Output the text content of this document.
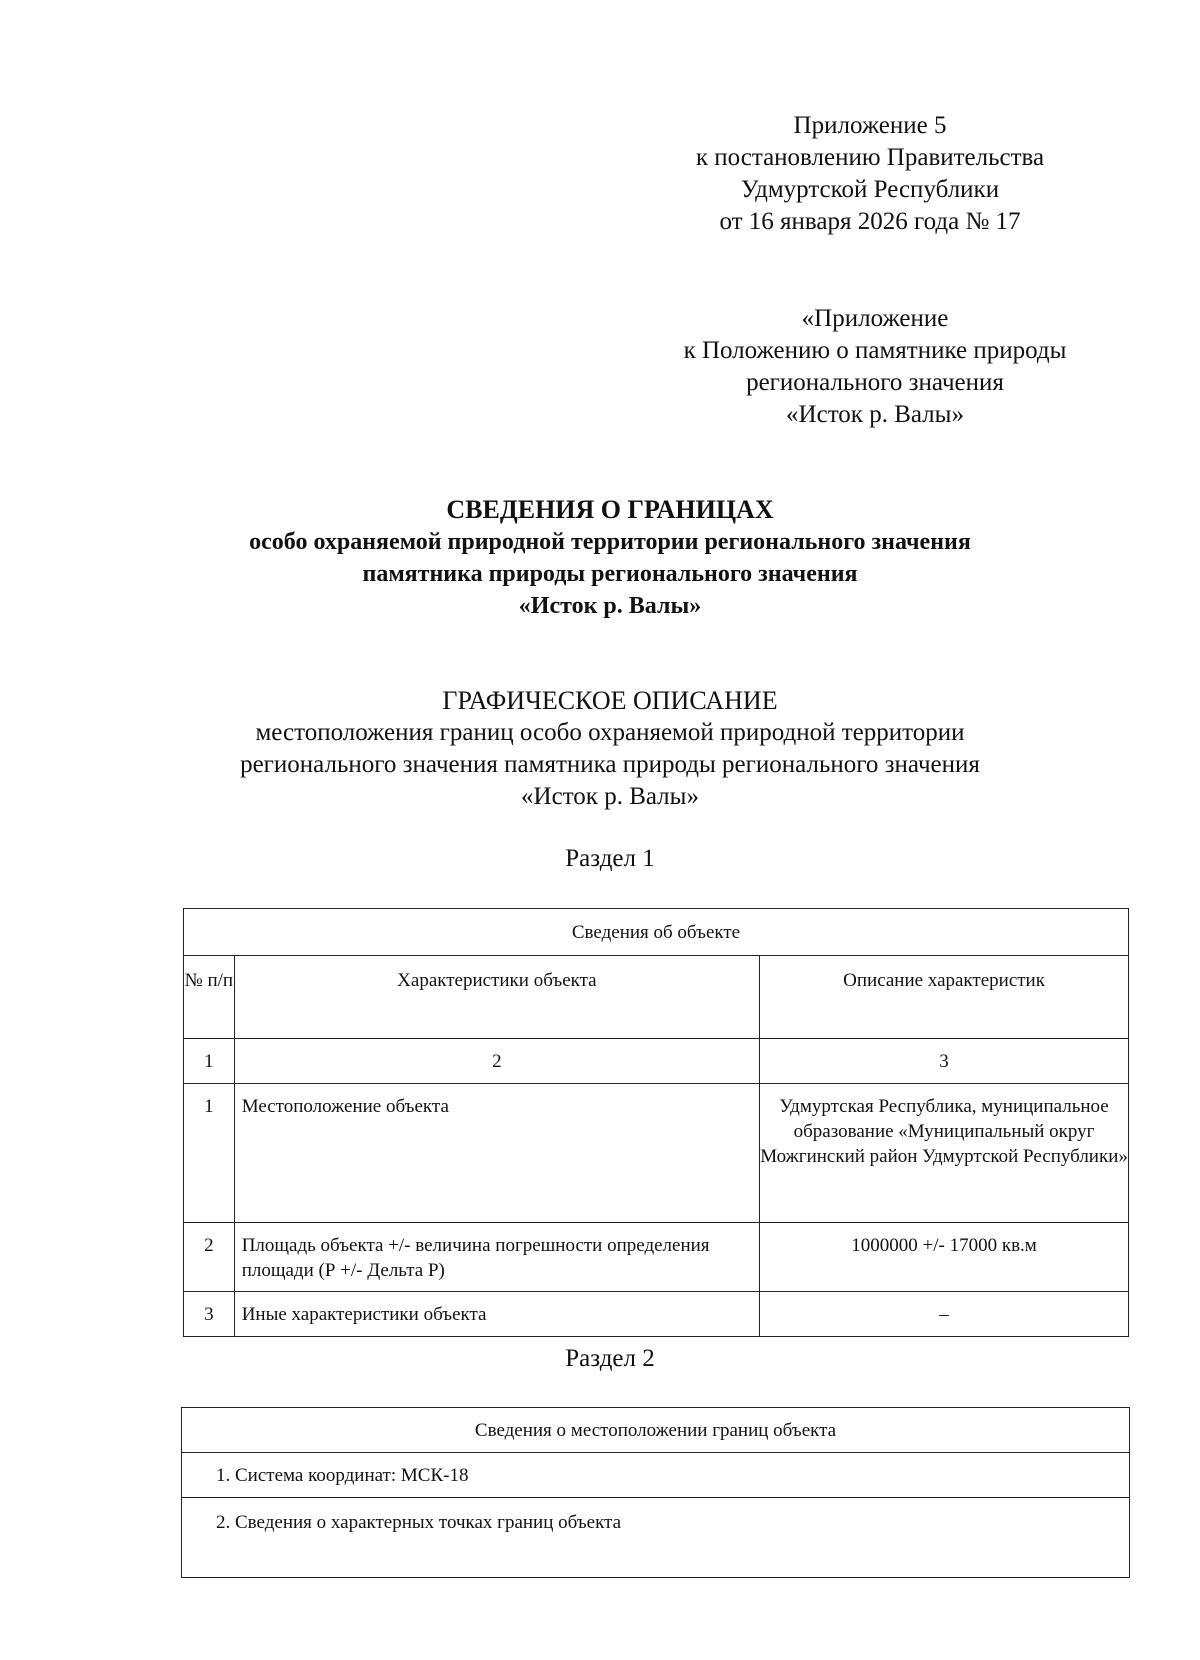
Приложение 5
к постановлению Правительства
Удмуртской Республики
от 16 января 2026 года № 17
«Приложение
к Положению о памятнике природы
регионального значения
«Исток р. Валы»
СВЕДЕНИЯ О ГРАНИЦАХ
особо охраняемой природной территории регионального значения
памятника природы регионального значения
«Исток р. Валы»
ГРАФИЧЕСКОЕ ОПИСАНИЕ
местоположения границ особо охраняемой природной территории
регионального значения памятника природы регионального значения
«Исток р. Валы»
Раздел 1
Сведения об объекте		
№ п/п	Характеристики объекта	Описание характеристик
1	2	3
1	Местоположение объекта	Удмуртская Республика, муниципальное образование «Муниципальный округ Можгинский район Удмуртской Республики»
2	Площадь объекта +/- величина погрешности определения площади (Р +/- Дельта Р)	1000000 +/- 17000 кв.м
3	Иные характеристики объекта	–
Раздел 2
Сведения о местоположении границ объекта
1. Система координат: МСК-18
2. Сведения о характерных точках границ объекта
